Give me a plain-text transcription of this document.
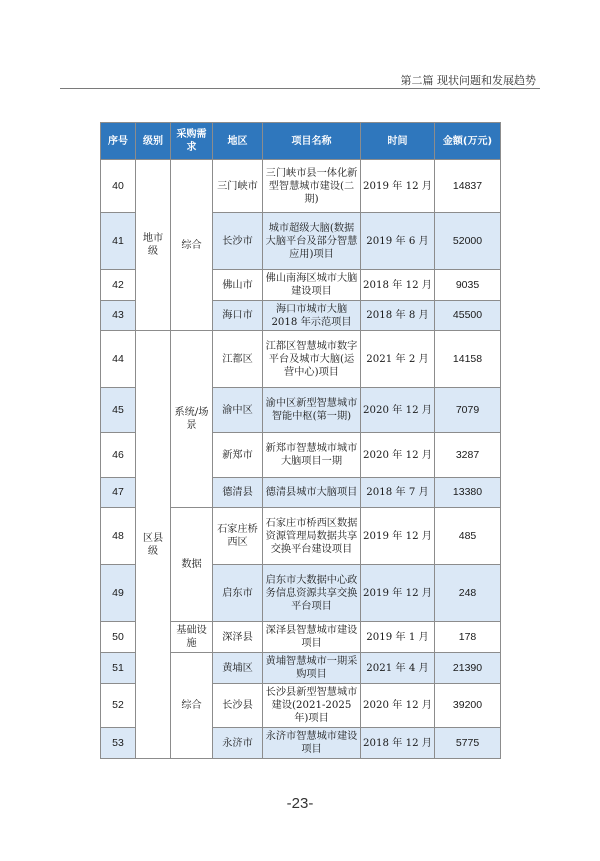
第二篇 现状问题和发展趋势
序号	级别	采购需求	地区	项目名称	时间	金额(万元)
40	地市级	综合	三门峡市	三门峡市县一体化新型智慧城市建设(二期)	2019 年 12 月	14837
41			长沙市	城市超级大脑(数据大脑平台及部分智慧应用)项目	2019 年 6 月	52000
42			佛山市	佛山南海区城市大脑建设项目	2018 年 12 月	9035
43			海口市	海口市城市大脑 2018 年示范项目	2018 年 8 月	45500
44	区县级	系统/场景	江都区	江都区智慧城市数字平台及城市大脑(运营中心)项目	2021 年 2 月	14158
45			渝中区	渝中区新型智慧城市智能中枢(第一期)	2020 年 12 月	7079
46			新郑市	新郑市智慧城市城市大脑项目一期	2020 年 12 月	3287
47			德清县	德清县城市大脑项目	2018 年 7 月	13380
48		数据	石家庄桥西区	石家庄市桥西区数据资源管理局数据共享交换平台建设项目	2019 年 12 月	485
49			启东市	启东市大数据中心政务信息资源共享交换平台项目	2019 年 12 月	248
50		基础设施	深泽县	深泽县智慧城市建设项目	2019 年 1 月	178
51		综合	黄埔区	黄埔智慧城市一期采购项目	2021 年 4 月	21390
52			长沙县	长沙县新型智慧城市建设(2021-2025 年)项目	2020 年 12 月	39200
53			永济市	永济市智慧城市建设项目	2018 年 12 月	5775
-23-
